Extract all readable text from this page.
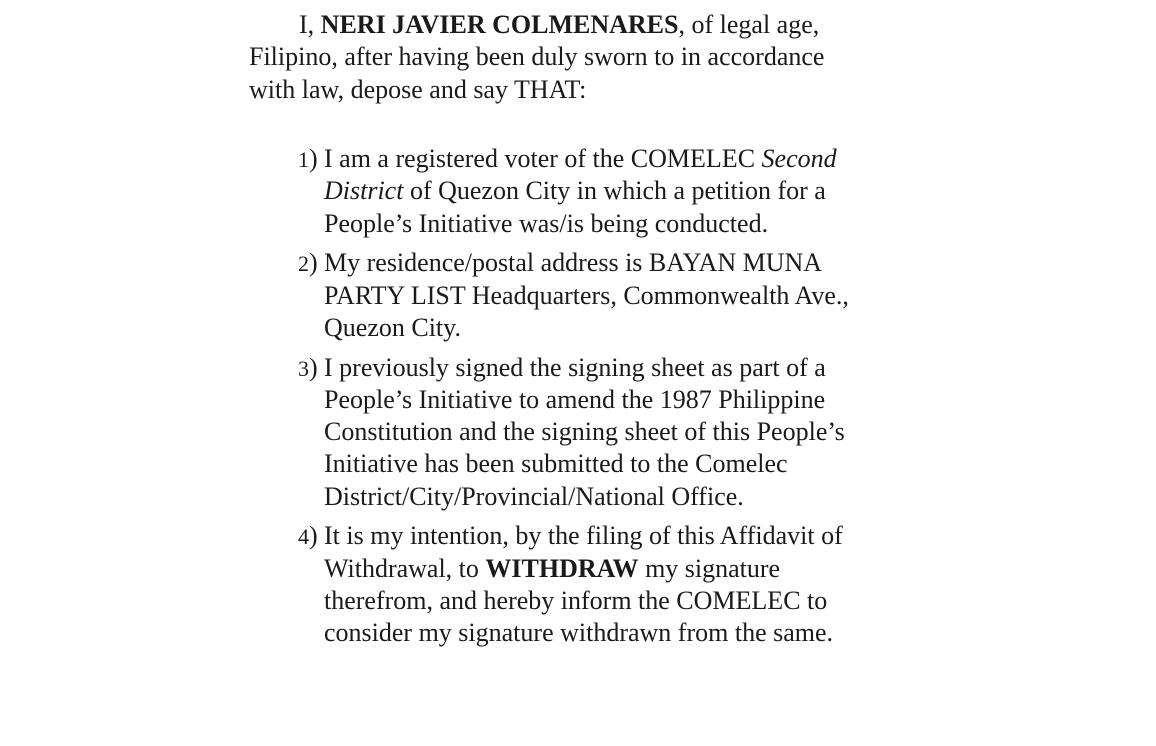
I, NERI JAVIER COLMENARES, of legal age, Filipino, after having been duly sworn to in accordance with law, depose and say THAT:

1) I am a registered voter of the COMELEC Second District of Quezon City in which a petition for a People’s Initiative was/is being conducted.
2) My residence/postal address is BAYAN MUNA PARTY LIST Headquarters, Commonwealth Ave., Quezon City.
3) I previously signed the signing sheet as part of a People’s Initiative to amend the 1987 Philippine Constitution and the signing sheet of this People’s Initiative has been submitted to the Comelec District/City/Provincial/National Office.
4) It is my intention, by the filing of this Affidavit of Withdrawal, to WITHDRAW my signature therefrom, and hereby inform the COMELEC to consider my signature withdrawn from the same.
